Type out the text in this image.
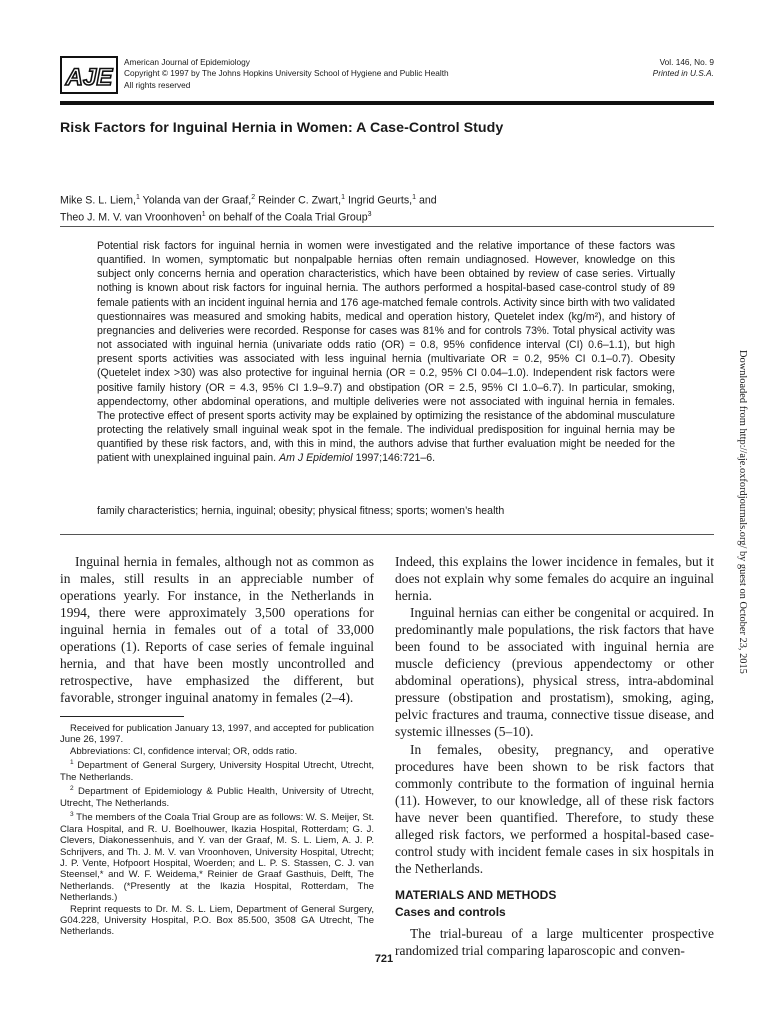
AJE
American Journal of Epidemiology
Copyright © 1997 by The Johns Hopkins University School of Hygiene and Public Health
All rights reserved
Vol. 146, No. 9
Printed in U.S.A.
Risk Factors for Inguinal Hernia in Women: A Case-Control Study
Mike S. L. Liem,$^1$ Yolanda van der Graaf,$^2$ Reinder C. Zwart,$^1$ Ingrid Geurts,$^1$ and
Theo J. M. V. van Vroonhoven$^1$ on behalf of the Coala Trial Group$^3$
Potential risk factors for inguinal hernia in women were investigated and the relative importance of these factors was quantified. In women, symptomatic but nonpalpable hernias often remain undiagnosed. However, knowledge on this subject only concerns hernia and operation characteristics, which have been obtained by review of case series. Virtually nothing is known about risk factors for inguinal hernia. The authors performed a hospital-based case-control study of 89 female patients with an incident inguinal hernia and 176 age-matched female controls. Activity since birth with two validated questionnaires was measured and smoking habits, medical and operation history, Quetelet index (kg/m²), and history of pregnancies and deliveries were recorded. Response for cases was 81% and for controls 73%. Total physical activity was not associated with inguinal hernia (univariate odds ratio (OR) = 0.8, 95% confidence interval (CI) 0.6–1.1), but high present sports activities was associated with less inguinal hernia (multivariate OR = 0.2, 95% CI 0.1–0.7). Obesity (Quetelet index >30) was also protective for inguinal hernia (OR = 0.2, 95% CI 0.04–1.0). Independent risk factors were positive family history (OR = 4.3, 95% CI 1.9–9.7) and obstipation (OR = 2.5, 95% CI 1.0–6.7). In particular, smoking, appendectomy, other abdominal operations, and multiple deliveries were not associated with inguinal hernia in females. The protective effect of present sports activity may be explained by optimizing the resistance of the abdominal musculature protecting the relatively small inguinal weak spot in the female. The individual predisposition for inguinal hernia may be quantified by these risk factors, and, with this in mind, the authors advise that further evaluation might be needed for the patient with unexplained inguinal pain. Am J Epidemiol 1997;146:721–6.
family characteristics; hernia, inguinal; obesity; physical fitness; sports; women’s health

Inguinal hernia in females, although not as common as in males, still results in an appreciable number of operations yearly. For instance, in the Netherlands in 1994, there were approximately 3,500 operations for inguinal hernia in females out of a total of 33,000 operations (1). Reports of case series of female inguinal hernia, and that have been mostly uncontrolled and retrospective, have emphasized the different, but favorable, stronger inguinal anatomy in females (2–4).

Received for publication January 13, 1997, and accepted for publication June 26, 1997.

Abbreviations: CI, confidence interval; OR, odds ratio.

$^1$ Department of General Surgery, University Hospital Utrecht, Utrecht, The Netherlands.

$^2$ Department of Epidemiology & Public Health, University of Utrecht, Utrecht, The Netherlands.

$^3$ The members of the Coala Trial Group are as follows: W. S. Meijer, St. Clara Hospital, and R. U. Boelhouwer, Ikazia Hospital, Rotterdam; G. J. Clevers, Diakonessenhuis, and Y. van der Graaf, M. S. L. Liem, A. J. P. Schrijvers, and Th. J. M. V. van Vroonhoven, University Hospital, Utrecht; J. P. Vente, Hofpoort Hospital, Woerden; and L. P. S. Stassen, C. J. van Steensel,* and W. F. Weidema,* Reinier de Graaf Gasthuis, Delft, The Netherlands. (*Presently at the Ikazia Hospital, Rotterdam, The Netherlands.)

Reprint requests to Dr. M. S. L. Liem, Department of General Surgery, G04.228, University Hospital, P.O. Box 85.500, 3508 GA Utrecht, The Netherlands.

Indeed, this explains the lower incidence in females, but it does not explain why some females do acquire an inguinal hernia.

Inguinal hernias can either be congenital or acquired. In predominantly male populations, the risk factors that have been found to be associated with inguinal hernia are muscle deficiency (previous appendectomy or other abdominal operations), physical stress, intra-abdominal pressure (obstipation and prostatism), smoking, aging, pelvic fractures and trauma, connective tissue disease, and systemic illnesses (5–10).

In females, obesity, pregnancy, and operative procedures have been shown to be risk factors that commonly contribute to the formation of inguinal hernia (11). However, to our knowledge, all of these risk factors have never been quantified. Therefore, to study these alleged risk factors, we performed a hospital-based case-control study with incident female cases in six hospitals in the Netherlands.

MATERIALS AND METHODS
Cases and controls

The trial-bureau of a large multicenter prospective randomized trial comparing laparoscopic and conven-

721
Downloaded from http://aje.oxfordjournals.org/ by guest on October 23, 2015
